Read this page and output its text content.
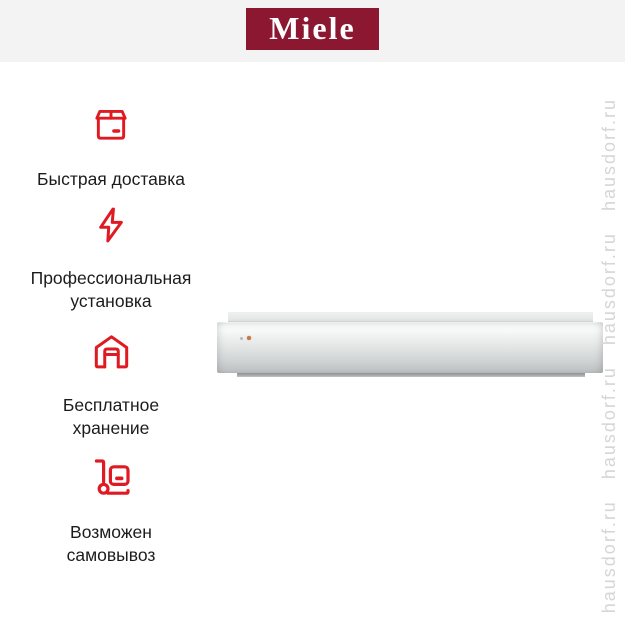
Miele
Быстрая доставка
Профессиональная
установка
Бесплатное
хранение
Возможен
самовывоз	hausdorf.ru   hausdorf.ru   hausdorf.ru   hausdorf.ru
